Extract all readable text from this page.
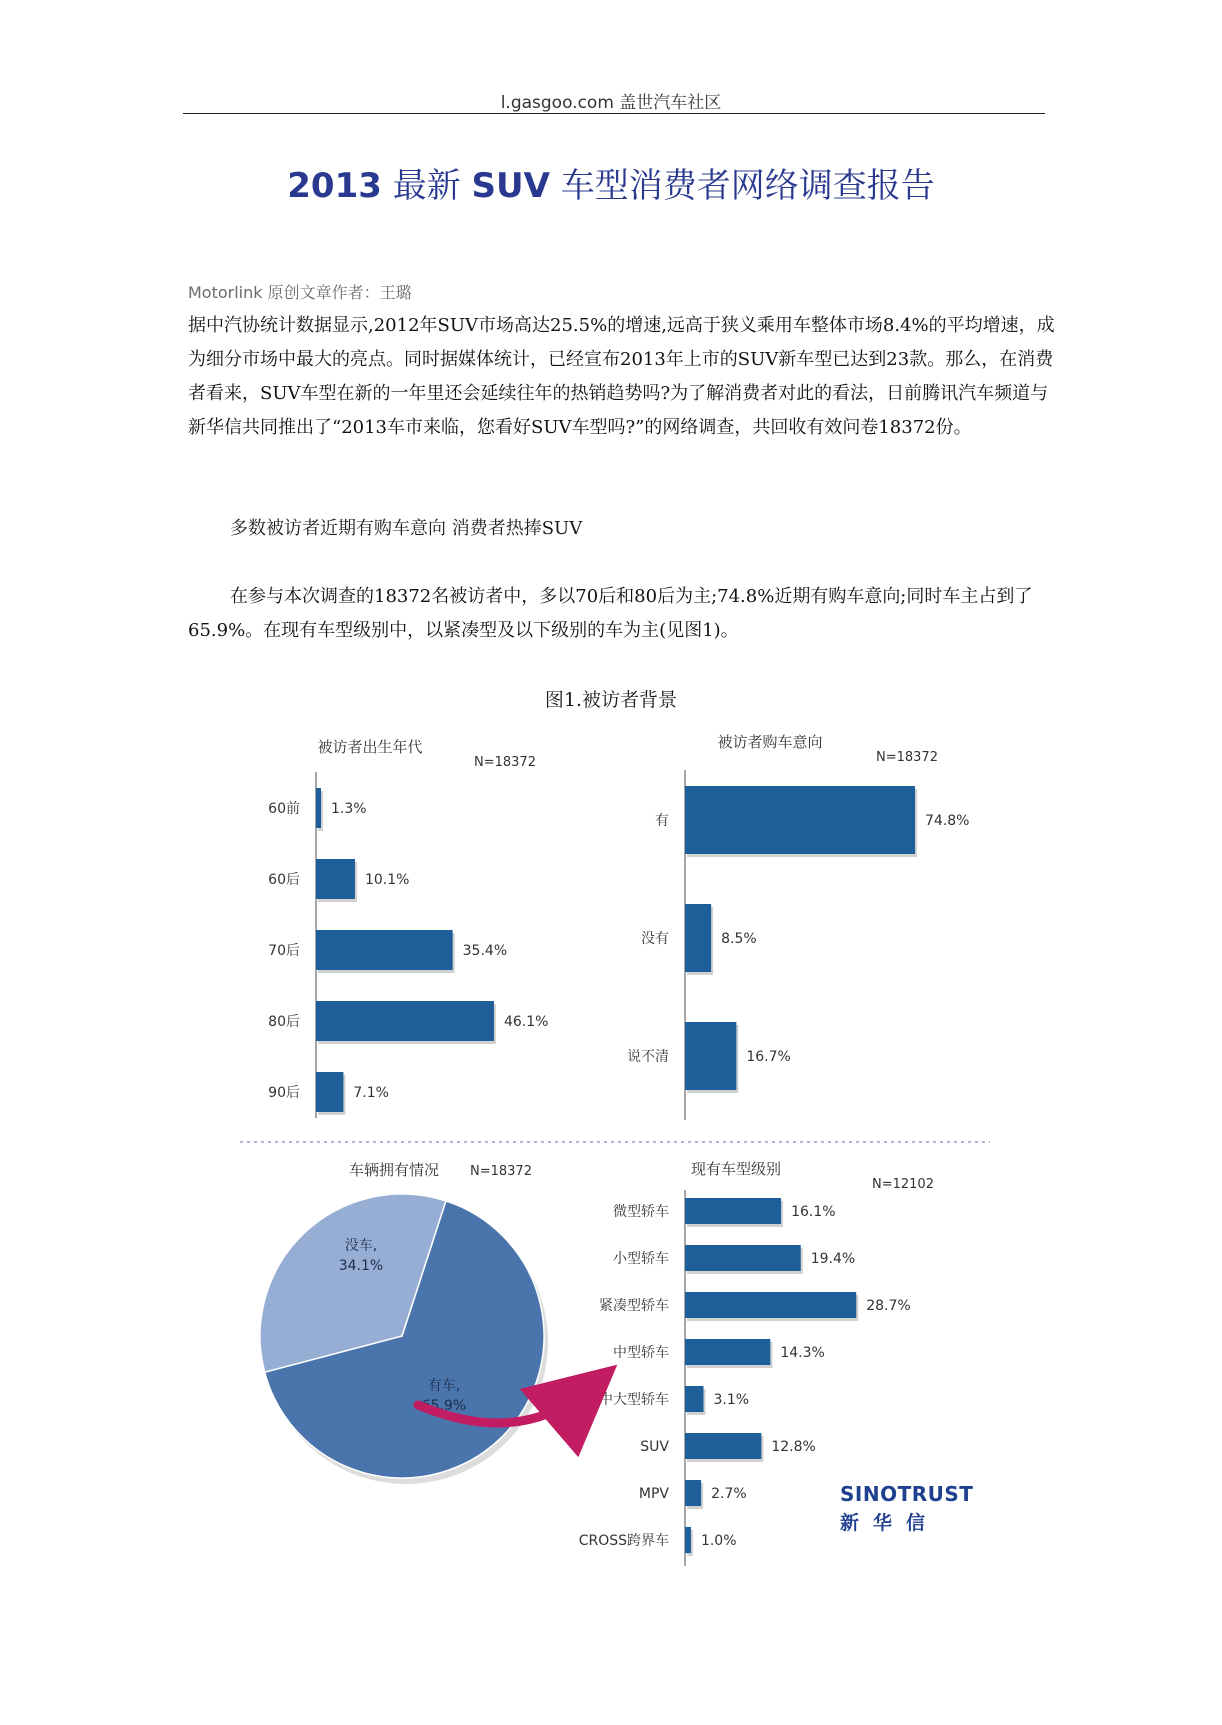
l.gasgoo.com 盖世汽车社区
2013 最新 SUV 车型消费者网络调查报告
Motorlink 原创文章作者：王璐
据中汽协统计数据显示,2012年SUV市场高达25.5%的增速,远高于狭义乘用车整体市场8.4%的平均增速，成为细分市场中最大的亮点。同时据媒体统计，已经宣布2013年上市的SUV新车型已达到23款。那么，在消费者看来，SUV车型在新的一年里还会延续往年的热销趋势吗?为了解消费者对此的看法，日前腾讯汽车频道与新华信共同推出了“2013车市来临，您看好SUV车型吗?”的网络调查，共回收有效问卷18372份。
多数被访者近期有购车意向 消费者热捧SUV
在参与本次调查的18372名被访者中，多以70后和80后为主;74.8%近期有购车意向;同时车主占到了65.9%。在现有车型级别中，以紧凑型及以下级别的车为主(见图1)。
图1.被访者背景
被访者出生年代
N=18372
60前 1.3%
60后	10.1%
70后	35.4%
80后	46.1%
90后	7.1%
被访者购车意向
N=18372
有	74.8%
没有	8.5%
说不清	16.7%
车辆拥有情况 N=18372
有车,
65.9%
没车,
34.1%
现有车型级别
N=12102
微型轿车	16.1%
小型轿车	19.4%
紧凑型轿车	28.7%
中型轿车	14.3%
中大型轿车	3.1%
SUV	12.8%
MPV	2.7%
CROSS跨界车 1.0%
SINOTRUST
新华信
